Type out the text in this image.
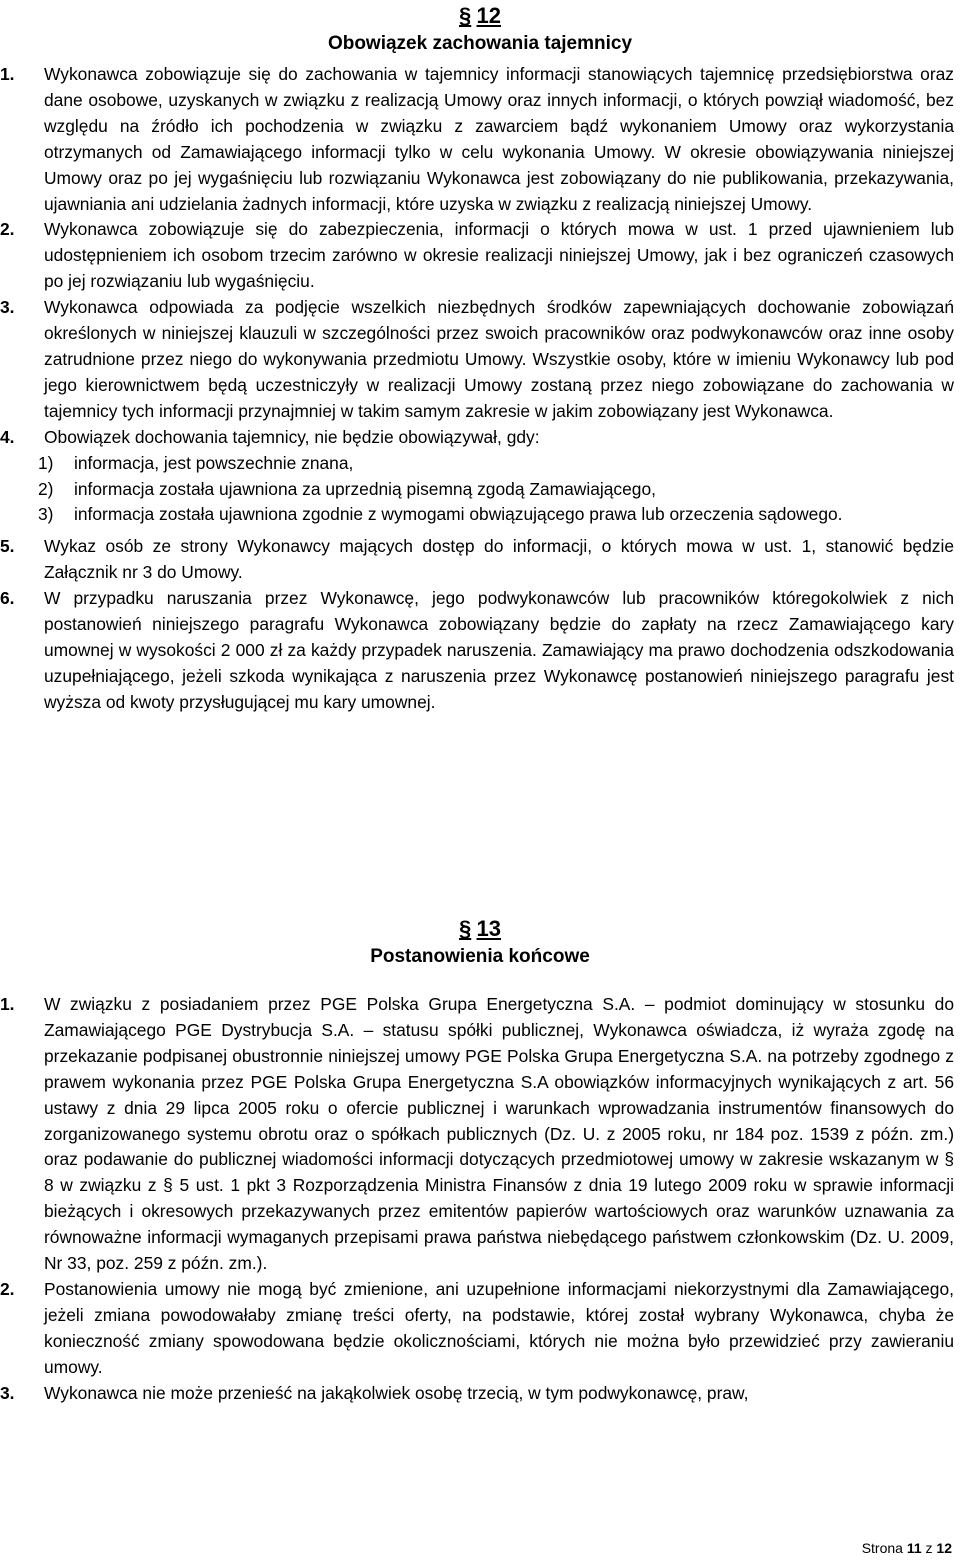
§ 12
Obowiązek zachowania tajemnicy
1. Wykonawca zobowiązuje się do zachowania w tajemnicy informacji stanowiących tajemnicę przedsiębiorstwa oraz dane osobowe, uzyskanych w związku z realizacją Umowy oraz innych informacji, o których powziął wiadomość, bez względu na źródło ich pochodzenia w związku z zawarciem bądź wykonaniem Umowy oraz wykorzystania otrzymanych od Zamawiającego informacji tylko w celu wykonania Umowy. W okresie obowiązywania niniejszej Umowy oraz po jej wygaśnięciu lub rozwiązaniu Wykonawca jest zobowiązany do nie publikowania, przekazywania, ujawniania ani udzielania żadnych informacji, które uzyska w związku z realizacją niniejszej Umowy.
2. Wykonawca zobowiązuje się do zabezpieczenia, informacji o których mowa w ust. 1 przed ujawnieniem lub udostępnieniem ich osobom trzecim zarówno w okresie realizacji niniejszej Umowy, jak i bez ograniczeń czasowych po jej rozwiązaniu lub wygaśnięciu.
3. Wykonawca odpowiada za podjęcie wszelkich niezbędnych środków zapewniających dochowanie zobowiązań określonych w niniejszej klauzuli w szczególności przez swoich pracowników oraz podwykonawców oraz inne osoby zatrudnione przez niego do wykonywania przedmiotu Umowy. Wszystkie osoby, które w imieniu Wykonawcy lub pod jego kierownictwem będą uczestniczyły w realizacji Umowy zostaną przez niego zobowiązane do zachowania w tajemnicy tych informacji przynajmniej w takim samym zakresie w jakim zobowiązany jest Wykonawca.
4. Obowiązek dochowania tajemnicy, nie będzie obowiązywał, gdy:
1) informacja, jest powszechnie znana,
2) informacja została ujawniona za uprzednią pisemną zgodą Zamawiającego,
3) informacja została ujawniona zgodnie z wymogami obwiązującego prawa lub orzeczenia sądowego.
5. Wykaz osób ze strony Wykonawcy mających dostęp do informacji, o których mowa w ust. 1, stanowić będzie Załącznik nr 3 do Umowy.
6. W przypadku naruszania przez Wykonawcę, jego podwykonawców lub pracowników któregokolwiek z nich postanowień niniejszego paragrafu Wykonawca zobowiązany będzie do zapłaty na rzecz Zamawiającego kary umownej w wysokości 2 000 zł za każdy przypadek naruszenia. Zamawiający ma prawo dochodzenia odszkodowania uzupełniającego, jeżeli szkoda wynikająca z naruszenia przez Wykonawcę postanowień niniejszego paragrafu jest wyższa od kwoty przysługującej mu kary umownej.
§ 13
Postanowienia końcowe
1. W związku z posiadaniem przez PGE Polska Grupa Energetyczna S.A. – podmiot dominujący w stosunku do Zamawiającego PGE Dystrybucja S.A. – statusu spółki publicznej, Wykonawca oświadcza, iż wyraża zgodę na przekazanie podpisanej obustronnie niniejszej umowy PGE Polska Grupa Energetyczna S.A. na potrzeby zgodnego z prawem wykonania przez PGE Polska Grupa Energetyczna S.A obowiązków informacyjnych wynikających z art. 56 ustawy z dnia 29 lipca 2005 roku o ofercie publicznej i warunkach wprowadzania instrumentów finansowych do zorganizowanego systemu obrotu oraz o spółkach publicznych (Dz. U. z 2005 roku, nr 184 poz. 1539 z późn. zm.) oraz podawanie do publicznej wiadomości informacji dotyczących przedmiotowej umowy w zakresie wskazanym w § 8 w związku z § 5 ust. 1 pkt 3 Rozporządzenia Ministra Finansów z dnia 19 lutego 2009 roku w sprawie informacji bieżących i okresowych przekazywanych przez emitentów papierów wartościowych oraz warunków uznawania za równoważne informacji wymaganych przepisami prawa państwa niebędącego państwem członkowskim (Dz. U. 2009, Nr 33, poz. 259 z późn. zm.).
2. Postanowienia umowy nie mogą być zmienione, ani uzupełnione informacjami niekorzystnymi dla Zamawiającego, jeżeli zmiana powodowałaby zmianę treści oferty, na podstawie, której został wybrany Wykonawca, chyba że konieczność zmiany spowodowana będzie okolicznościami, których nie można było przewidzieć przy zawieraniu umowy.
3. Wykonawca nie może przenieść na jakąkolwiek osobę trzecią, w tym podwykonawcę, praw,
Strona 11 z 12
